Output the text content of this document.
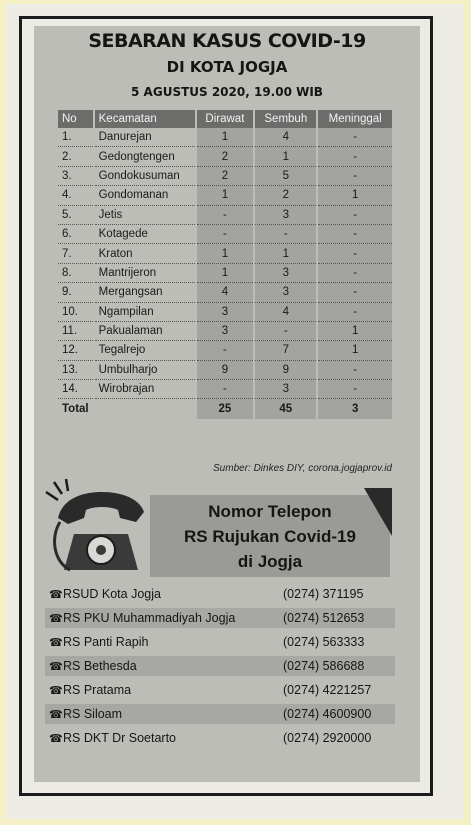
SEBARAN KASUS COVID-19
DI KOTA JOGJA
5 AGUSTUS 2020, 19.00 WIB
No	Kecamatan	Dirawat	Sembuh	Meninggal
1.	Danurejan	1	4	-
2.	Gedongtengen	2	1	-
3.	Gondokusuman	2	5	-
4.	Gondomanan	1	2	1
5.	Jetis	-	3	-
6.	Kotagede	-	-	-
7.	Kraton	1	1	-
8.	Mantrijeron	1	3	-
9.	Mergangsan	4	3	-
10.	Ngampilan	3	4	-
11.	Pakualaman	3	-	1
12.	Tegalrejo	-	7	1
13.	Umbulharjo	9	9	-
14.	Wirobrajan	-	3	-
Total		25	45	3
Sumber: Dinkes DIY, corona.jogjaprov.id
Nomor Telepon
RS Rujukan Covid-19
di Jogja
☎ RSUD Kota Jogja	(0274) 371195
☎ RS PKU Muhammadiyah Jogja	(0274) 512653
☎ RS Panti Rapih	(0274) 563333
☎ RS Bethesda	(0274) 586688
☎ RS Pratama	(0274) 4221257
☎ RS Siloam	(0274) 4600900
☎ RS DKT Dr Soetarto	(0274) 2920000
